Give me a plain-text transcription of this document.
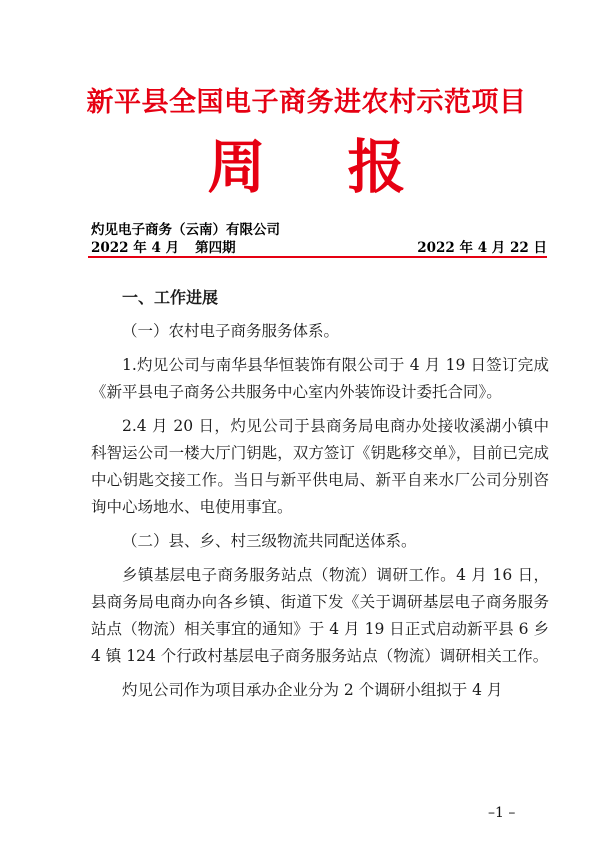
新平县全国电子商务进农村示范项目
周 报
灼见电子商务（云南）有限公司
2022 年 4 月 第四期	2022 年 4 月 22 日
一、工作进展

（一）农村电子商务服务体系。

1.灼见公司与南华县华恒装饰有限公司于 4 月 19 日签订完成《新平县电子商务公共服务中心室内外装饰设计委托合同》。

2.4 月 20 日，灼见公司于县商务局电商办处接收溪湖小镇中科智运公司一楼大厅门钥匙，双方签订《钥匙移交单》，目前已完成中心钥匙交接工作。当日与新平供电局、新平自来水厂公司分别咨询中心场地水、电使用事宜。

（二）县、乡、村三级物流共同配送体系。

乡镇基层电子商务服务站点（物流）调研工作。4 月 16 日，县商务局电商办向各乡镇、街道下发《关于调研基层电子商务服务站点（物流）相关事宜的通知》于 4 月 19 日正式启动新平县 6 乡 4 镇 124 个行政村基层电子商务服务站点（物流）调研相关工作。

灼见公司作为项目承办企业分为 2 个调研小组拟于 4 月

–1 –
